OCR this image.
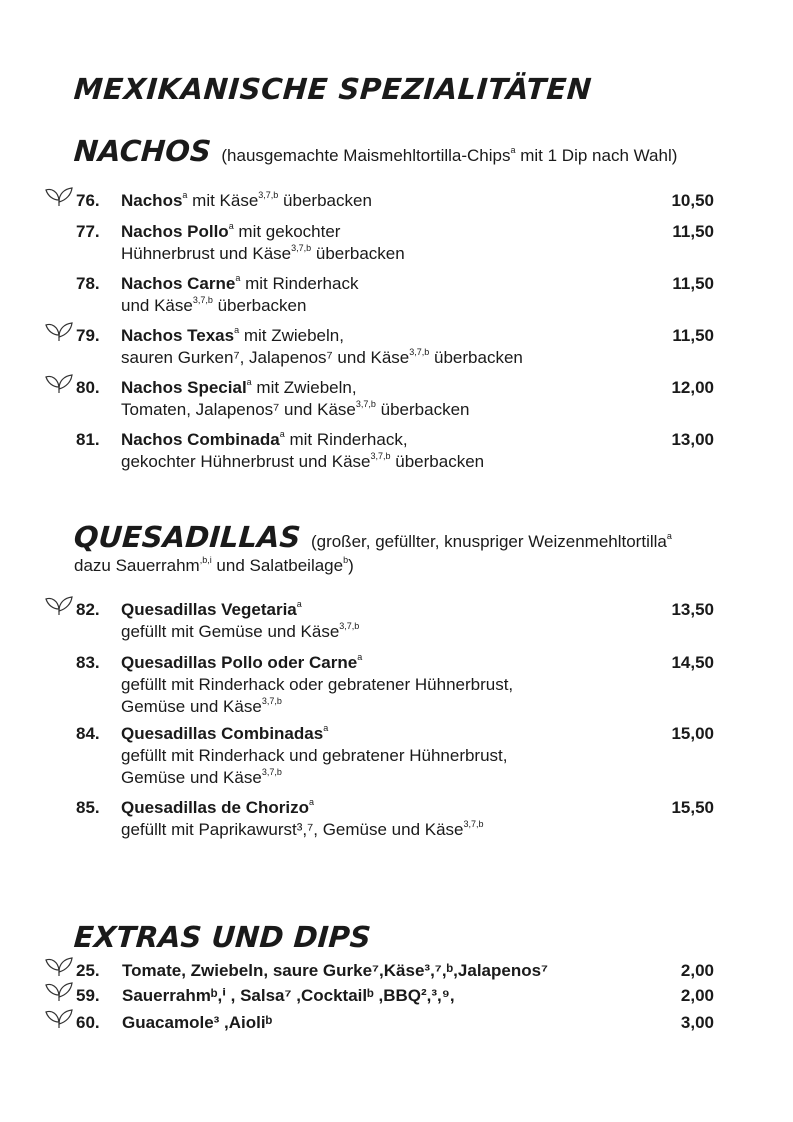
MEXIKANISCHE SPEZIALITÄTEN
NACHOS (hausgemachte Maismehltortilla-Chips$^a$ mit 1 Dip nach Wahl)
76. Nachos$^a$ mit Käse$^{3,7,b}$ überbacken	10,50
77. Nachos Pollo$^a$ mit gekochter
Hühnerbrust und Käse$^{3,7,b}$ überbacken
11,50
78. Nachos Carne$^a$ mit Rinderhack
und Käse$^{3,7,b}$ überbacken
11,50
79. Nachos Texas$^a$ mit Zwiebeln,
sauren Gurken⁷, Jalapenos⁷ und Käse$^{3,7,b}$ überbacken
11,50
80. Nachos Special$^a$ mit Zwiebeln,
Tomaten, Jalapenos⁷ und Käse$^{3,7,b}$ überbacken
12,00
81. Nachos Combinada$^a$ mit Rinderhack,
gekochter Hühnerbrust und Käse$^{3,7,b}$ überbacken
13,00
QUESADILLAS (großer, gefüllter, knuspriger Weizenmehltortilla$^a$
dazu Sauerrahm$^{,b,i}$ und Salatbeilage$^b$)
82. Quesadillas Vegetaria$^a$
gefüllt mit Gemüse und Käse$^{3,7,b}$
13,50
83. Quesadillas Pollo oder Carne$^a$
gefüllt mit Rinderhack oder gebratener Hühnerbrust,
Gemüse und Käse$^{3,7,b}$
14,50
84. Quesadillas Combinadas$^a$
gefüllt mit Rinderhack und gebratener Hühnerbrust,
Gemüse und Käse$^{3,7,b}$
15,00
85. Quesadillas de Chorizo$^a$
gefüllt mit Paprikawurst³,⁷, Gemüse und Käse$^{3,7,b}$
15,50
EXTRAS UND DIPS
25. Tomate, Zwiebeln, saure Gurke⁷,Käse³,⁷,ᵇ,Jalapenos⁷	2,00
59. Sauerrahmᵇ,ⁱ , Salsa⁷ ,Cocktailᵇ ,BBQ²,³,⁹,	2,00
60. Guacamole³ ,Aioliᵇ	3,00
